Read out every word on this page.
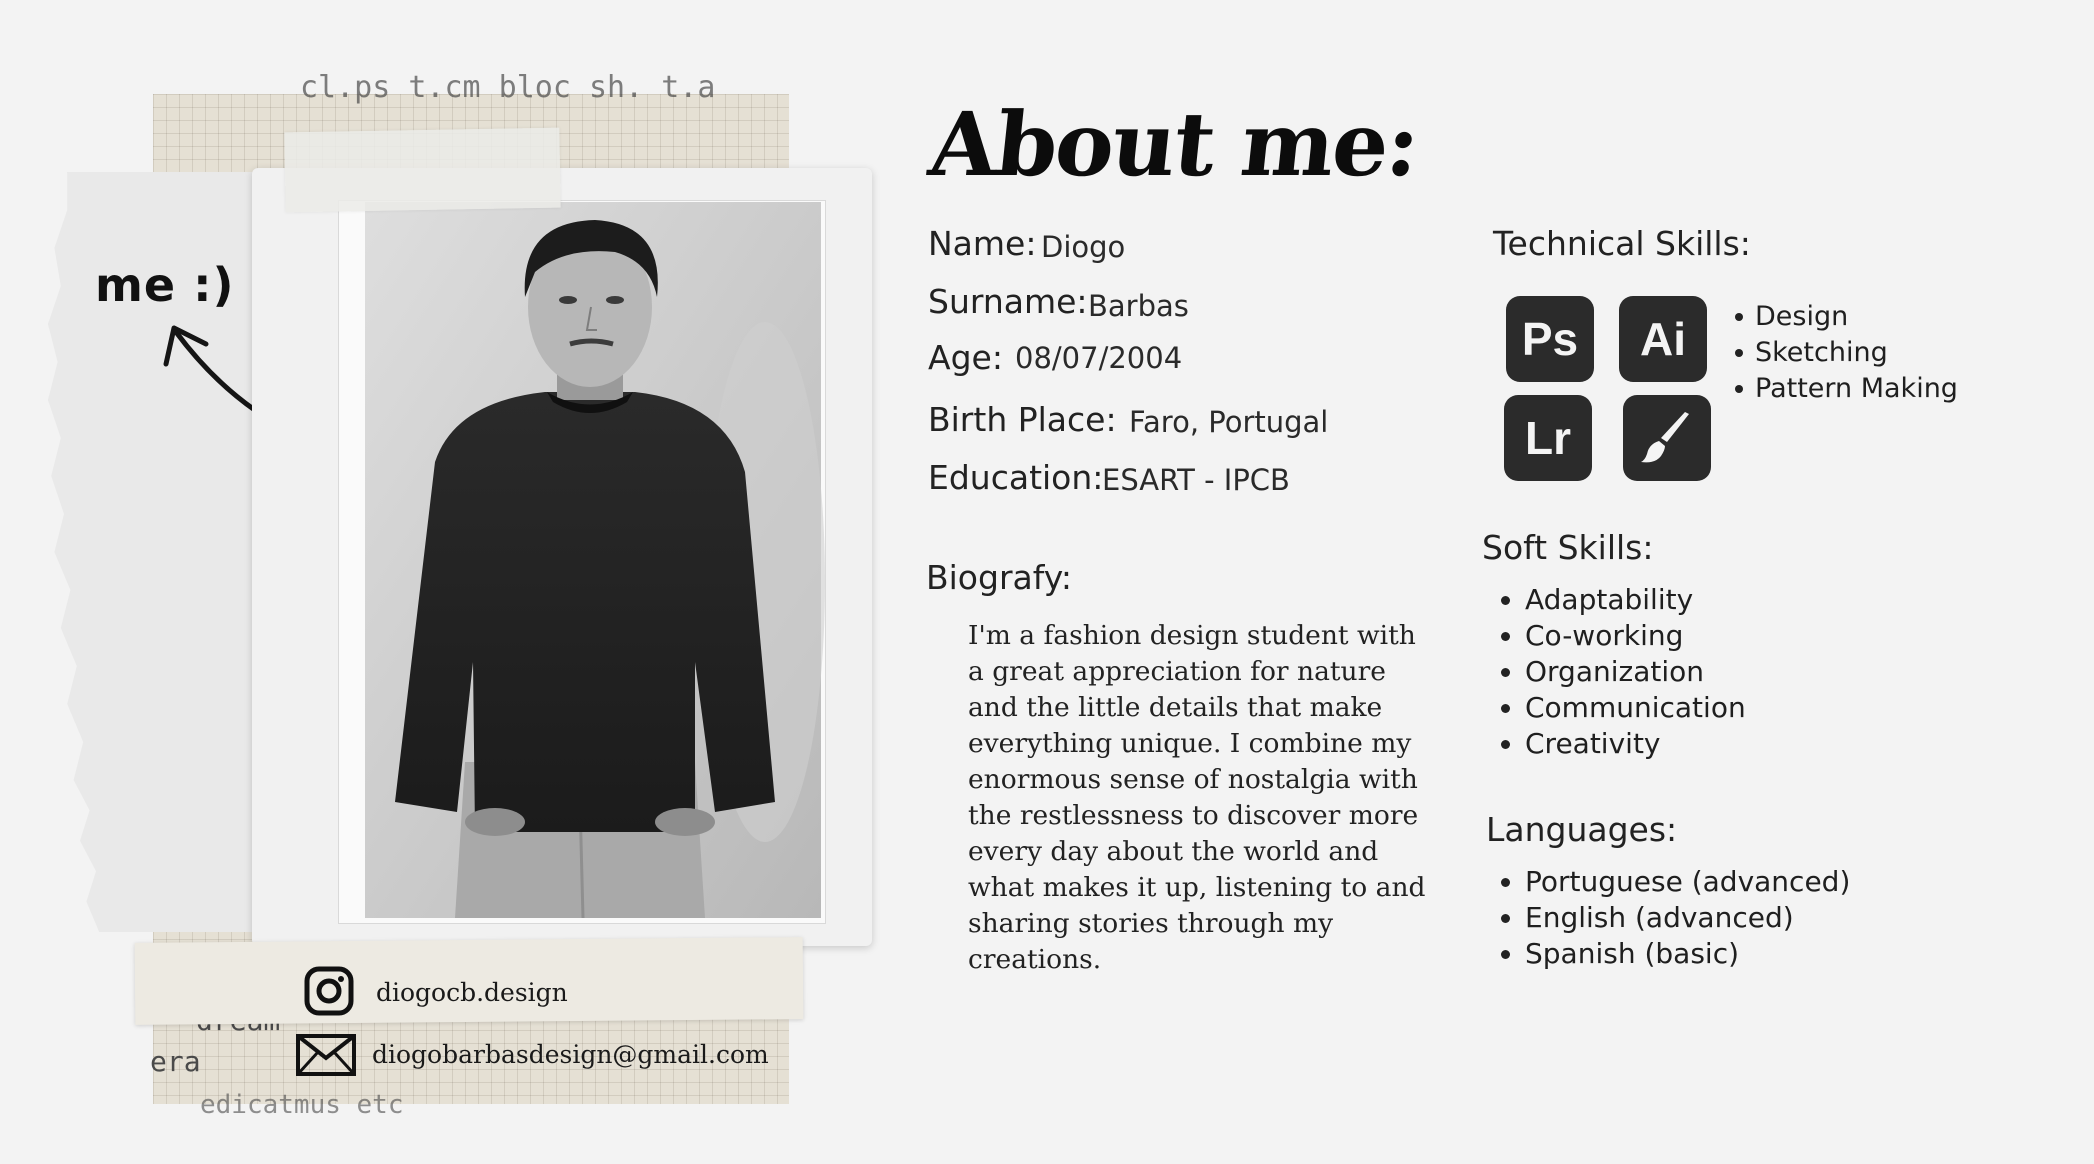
cl.ps t.cm bloc sh. t.a
era
edicatmus etc
me :)
diogocb.design
diogobarbasdesign@gmail.com
About me:
Name: Diogo
Surname: Barbas
Age: 08/07/2004
Birth Place: Faro, Portugal
Education:
ESART - IPCB
Biografy:
I'm a fashion design student with
a great appreciation for nature
and the little details that make
everything unique. I combine my
enormous sense of nostalgia with
the restlessness to discover more
every day about the world and
what makes it up, listening to and
sharing stories through my
creations.
Technical Skills:
Ps	Ai
Lr
Design
Sketching
Pattern Making
Soft Skills:
Adaptability
Co-working
Organization
Communication
Creativity
Languages:
Portuguese (advanced)
English (advanced)
Spanish (basic)
